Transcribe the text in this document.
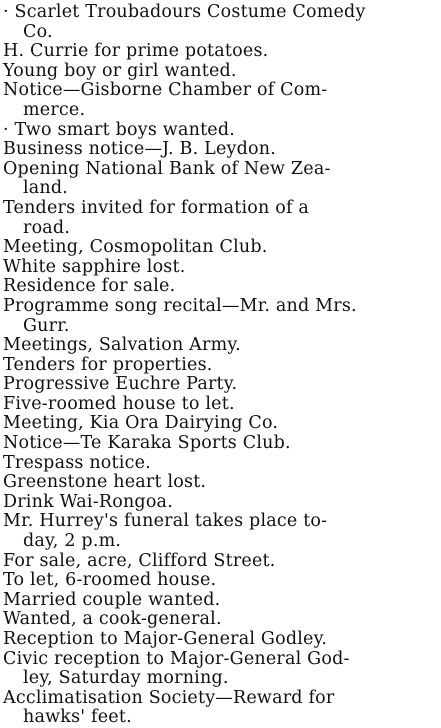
· Scarlet Troubadours Costume Comedy
Co.
H. Currie for prime potatoes.
Young boy or girl wanted.
Notice—Gisborne Chamber of Com-
merce.
· Two smart boys wanted.
Business notice—J. B. Leydon.
Opening National Bank of New Zea-
land.
Tenders invited for formation of a
road.
Meeting, Cosmopolitan Club.
White sapphire lost.
Residence for sale.
Programme song recital—Mr. and Mrs.
Gurr.
Meetings, Salvation Army.
Tenders for properties.
Progressive Euchre Party.
Five-roomed house to let.
Meeting, Kia Ora Dairying Co.
Notice—Te Karaka Sports Club.
Trespass notice.
Greenstone heart lost.
Drink Wai-Rongoa.
Mr. Hurrey's funeral takes place to-
day, 2 p.m.
For sale, acre, Clifford Street.
To let, 6-roomed house.
Married couple wanted.
Wanted, a cook-general.
Reception to Major-General Godley.
Civic reception to Major-General God-
ley, Saturday morning.
Acclimatisation Society—Reward for
hawks' feet.
